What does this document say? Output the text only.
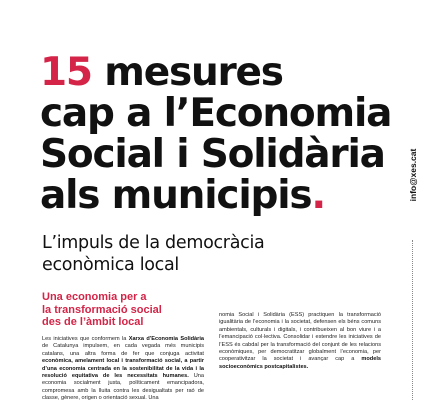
15 mesures
cap a l’Economia
Social i Solidària
als municipis.
L’impuls de la democràcia
econòmica local
info@xes.cat
Una economia per a
la transformació social
des de l’àmbit local
Les iniciatives que conformem la Xarxa d’Economia Solidària de Catalunya impulsem, en cada vegada més municipis catalans, una altra forma de fer que conjuga activitat econòmica, amelament local i transformació social, a partir d’una economia centrada en la sostenibilitat de la vida i la resolució equitativa de les necessitats humanes. Una economia socialment justa, políticament emancipadora, compromesa amb la lluita contra les desigualtats per raó de classe, gènere, origen o orientació sexual. Una
nomia Social i Solidària (ESS) practiquen la transformació igualitària de l’economia i la societat, defensen els béns comuns ambientals, culturals i digitals, i contribueixen al bon viure i a l’emancipació col·lectiva. Consolidar i estendre les iniciatives de l’ESS és cabdal per la transformació del conjunt de les relacions econòmiques, per democratitzar globalment l’economia, per cooperativitzar la societat i avançar cap a models socioeconòmics postcapitalistes.
